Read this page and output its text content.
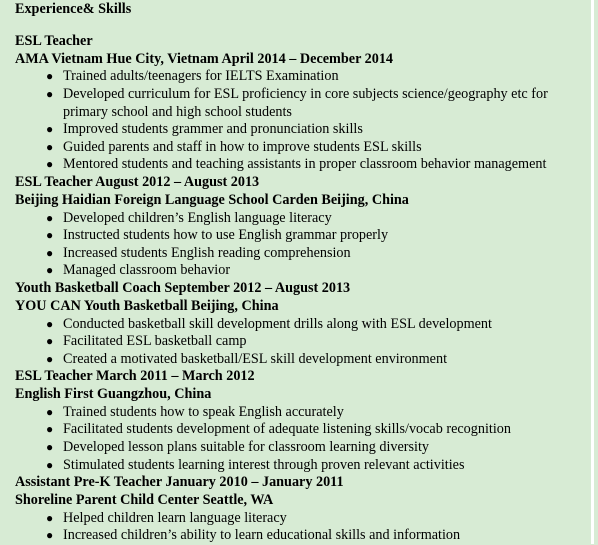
Experience& Skills
ESL Teacher
AMA Vietnam Hue City, Vietnam April 2014 – December 2014
● Trained adults/teenagers for IELTS Examination
● Developed curriculum for ESL proficiency in core subjects science/geography etc for primary school and high school students
● Improved students grammer and pronunciation skills
● Guided parents and staff in how to improve students ESL skills
● Mentored students and teaching assistants in proper classroom behavior management
ESL Teacher August 2012 – August 2013
Beijing Haidian Foreign Language School Carden Beijing, China
● Developed children’s English language literacy
● Instructed students how to use English grammar properly
● Increased students English reading comprehension
● Managed classroom behavior
Youth Basketball Coach September 2012 – August 2013
YOU CAN Youth Basketball Beijing, China
● Conducted basketball skill development drills along with ESL development
● Facilitated ESL basketball camp
● Created a motivated basketball/ESL skill development environment
ESL Teacher March 2011 – March 2012
English First Guangzhou, China
● Trained students how to speak English accurately
● Facilitated students development of adequate listening skills/vocab recognition
● Developed lesson plans suitable for classroom learning diversity
● Stimulated students learning interest through proven relevant activities
Assistant Pre-K Teacher January 2010 – January 2011
Shoreline Parent Child Center Seattle, WA
● Helped children learn language literacy
● Increased children’s ability to learn educational skills and information
